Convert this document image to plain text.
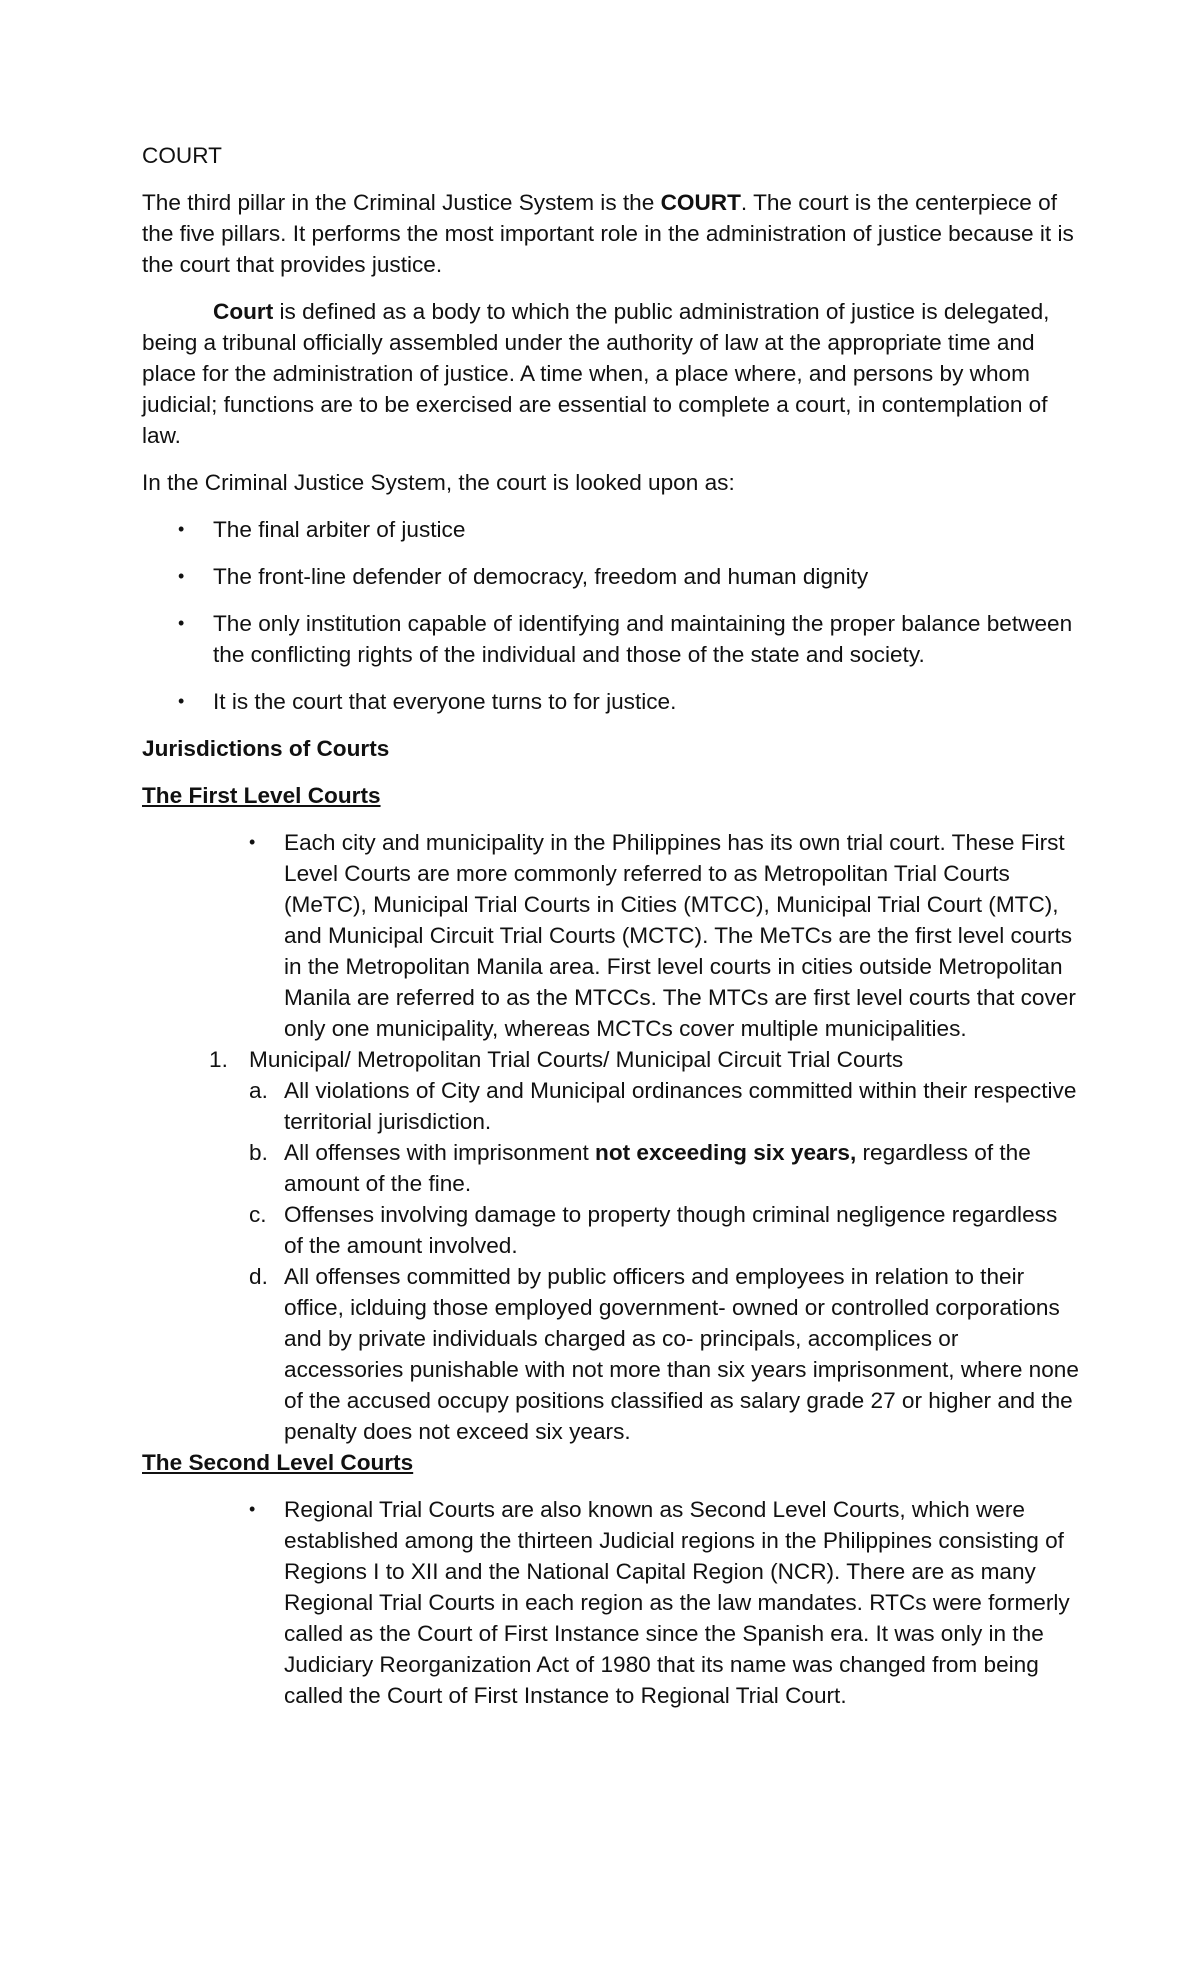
COURT

The third pillar in the Criminal Justice System is the COURT. The court is the centerpiece of the five pillars. It performs the most important role in the administration of justice because it is the court that provides justice.

Court is defined as a body to which the public administration of justice is delegated, being a tribunal officially assembled under the authority of law at the appropriate time and place for the administration of justice. A time when, a place where, and persons by whom judicial; functions are to be exercised are essential to complete a court, in contemplation of law.

In the Criminal Justice System, the court is looked upon as:

• The final arbiter of justice
• The front-line defender of democracy, freedom and human dignity
• The only institution capable of identifying and maintaining the proper balance between the conflicting rights of the individual and those of the state and society.
• It is the court that everyone turns to for justice.

Jurisdictions of Courts

The First Level Courts

• Each city and municipality in the Philippines has its own trial court. These First Level Courts are more commonly referred to as Metropolitan Trial Courts (MeTC), Municipal Trial Courts in Cities (MTCC), Municipal Trial Court (MTC), and Municipal Circuit Trial Courts (MCTC). The MeTCs are the first level courts in the Metropolitan Manila area. First level courts in cities outside Metropolitan Manila are referred to as the MTCCs. The MTCs are first level courts that cover only one municipality, whereas MCTCs cover multiple municipalities.
1. Municipal/ Metropolitan Trial Courts/ Municipal Circuit Trial Courts
a. All violations of City and Municipal ordinances committed within their respective territorial jurisdiction.
b. All offenses with imprisonment not exceeding six years, regardless of the amount of the fine.
c. Offenses involving damage to property though criminal negligence regardless of the amount involved.
d. All offenses committed by public officers and employees in relation to their office, iclduing those employed government- owned or controlled corporations and by private individuals charged as co- principals, accomplices or accessories punishable with not more than six years imprisonment, where none of the accused occupy positions classified as salary grade 27 or higher and the penalty does not exceed six years.

The Second Level Courts

• Regional Trial Courts are also known as Second Level Courts, which were established among the thirteen Judicial regions in the Philippines consisting of Regions I to XII and the National Capital Region (NCR). There are as many Regional Trial Courts in each region as the law mandates. RTCs were formerly called as the Court of First Instance since the Spanish era. It was only in the Judiciary Reorganization Act of 1980 that its name was changed from being called the Court of First Instance to Regional Trial Court.
